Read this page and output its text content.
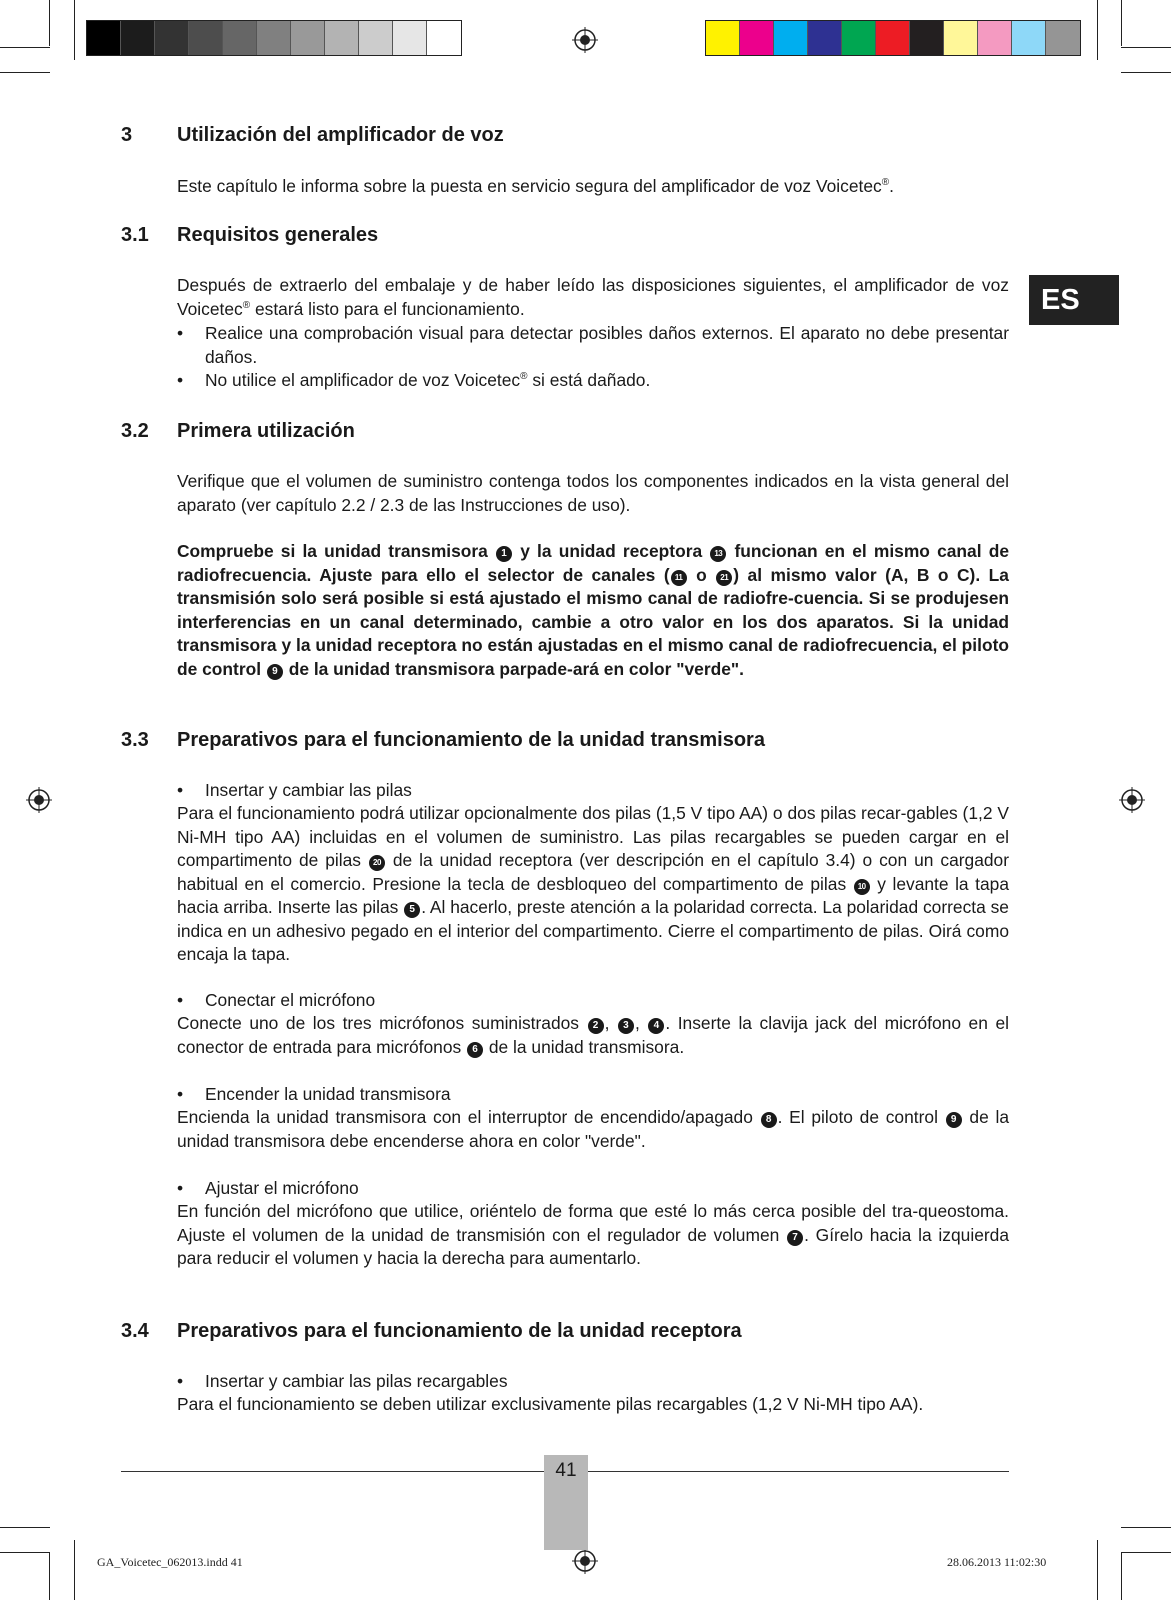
ES
3 Utilización del amplificador de voz

Este capítulo le informa sobre la puesta en servicio segura del amplificador de voz Voicetec®.

3.1 Requisitos generales

Después de extraerlo del embalaje y de haber leído las disposiciones siguientes, el amplificador de voz Voicetec® estará listo para el funcionamiento.

• Realice una comprobación visual para detectar posibles daños externos. El aparato no debe presentar daños.
• No utilice el amplificador de voz Voicetec® si está dañado.
3.2 Primera utilización

Verifique que el volumen de suministro contenga todos los componentes indicados en la vista general del aparato (ver capítulo 2.2 / 2.3 de las Instrucciones de uso).

Compruebe si la unidad transmisora 1 y la unidad receptora 13 funcionan en el mismo canal de radiofrecuencia. Ajuste para ello el selector de canales ( 11 o 21 ) al mismo valor (A, B o C). La transmisión solo será posible si está ajustado el mismo canal de radiofre-cuencia. Si se produjesen interferencias en un canal determinado, cambie a otro valor en los dos aparatos. Si la unidad transmisora y la unidad receptora no están ajustadas en el mismo canal de radiofrecuencia, el piloto de control 9 de la unidad transmisora parpade-ará en color "verde".

3.3 Preparativos para el funcionamiento de la unidad transmisora
• Insertar y cambiar las pilas

Para el funcionamiento podrá utilizar opcionalmente dos pilas (1,5 V tipo AA) o dos pilas recar-gables (1,2 V Ni-MH tipo AA) incluidas en el volumen de suministro. Las pilas recargables se pueden cargar en el compartimento de pilas 20 de la unidad receptora (ver descripción en el capítulo 3.4) o con un cargador habitual en el comercio. Presione la tecla de desbloqueo del compartimento de pilas 10 y levante la tapa hacia arriba. Inserte las pilas 5 . Al hacerlo, preste atención a la polaridad correcta. La polaridad correcta se indica en un adhesivo pegado en el interior del compartimento. Cierre el compartimento de pilas. Oirá como encaja la tapa.

• Conectar el micrófono

Conecte uno de los tres micrófonos suministrados 2 , 3 , 4 . Inserte la clavija jack del micrófono en el conector de entrada para micrófonos 6 de la unidad transmisora.

• Encender la unidad transmisora

Encienda la unidad transmisora con el interruptor de encendido/apagado 8 . El piloto de control 9 de la unidad transmisora debe encenderse ahora en color "verde".

• Ajustar el micrófono

En función del micrófono que utilice, oriéntelo de forma que esté lo más cerca posible del tra-queostoma. Ajuste el volumen de la unidad de transmisión con el regulador de volumen 7 . Gírelo hacia la izquierda para reducir el volumen y hacia la derecha para aumentarlo.

3.4 Preparativos para el funcionamiento de la unidad receptora
• Insertar y cambiar las pilas recargables

Para el funcionamiento se deben utilizar exclusivamente pilas recargables (1,2 V Ni-MH tipo AA).

41
GA_Voicetec_062013.indd 41	28.06.2013 11:02:30
